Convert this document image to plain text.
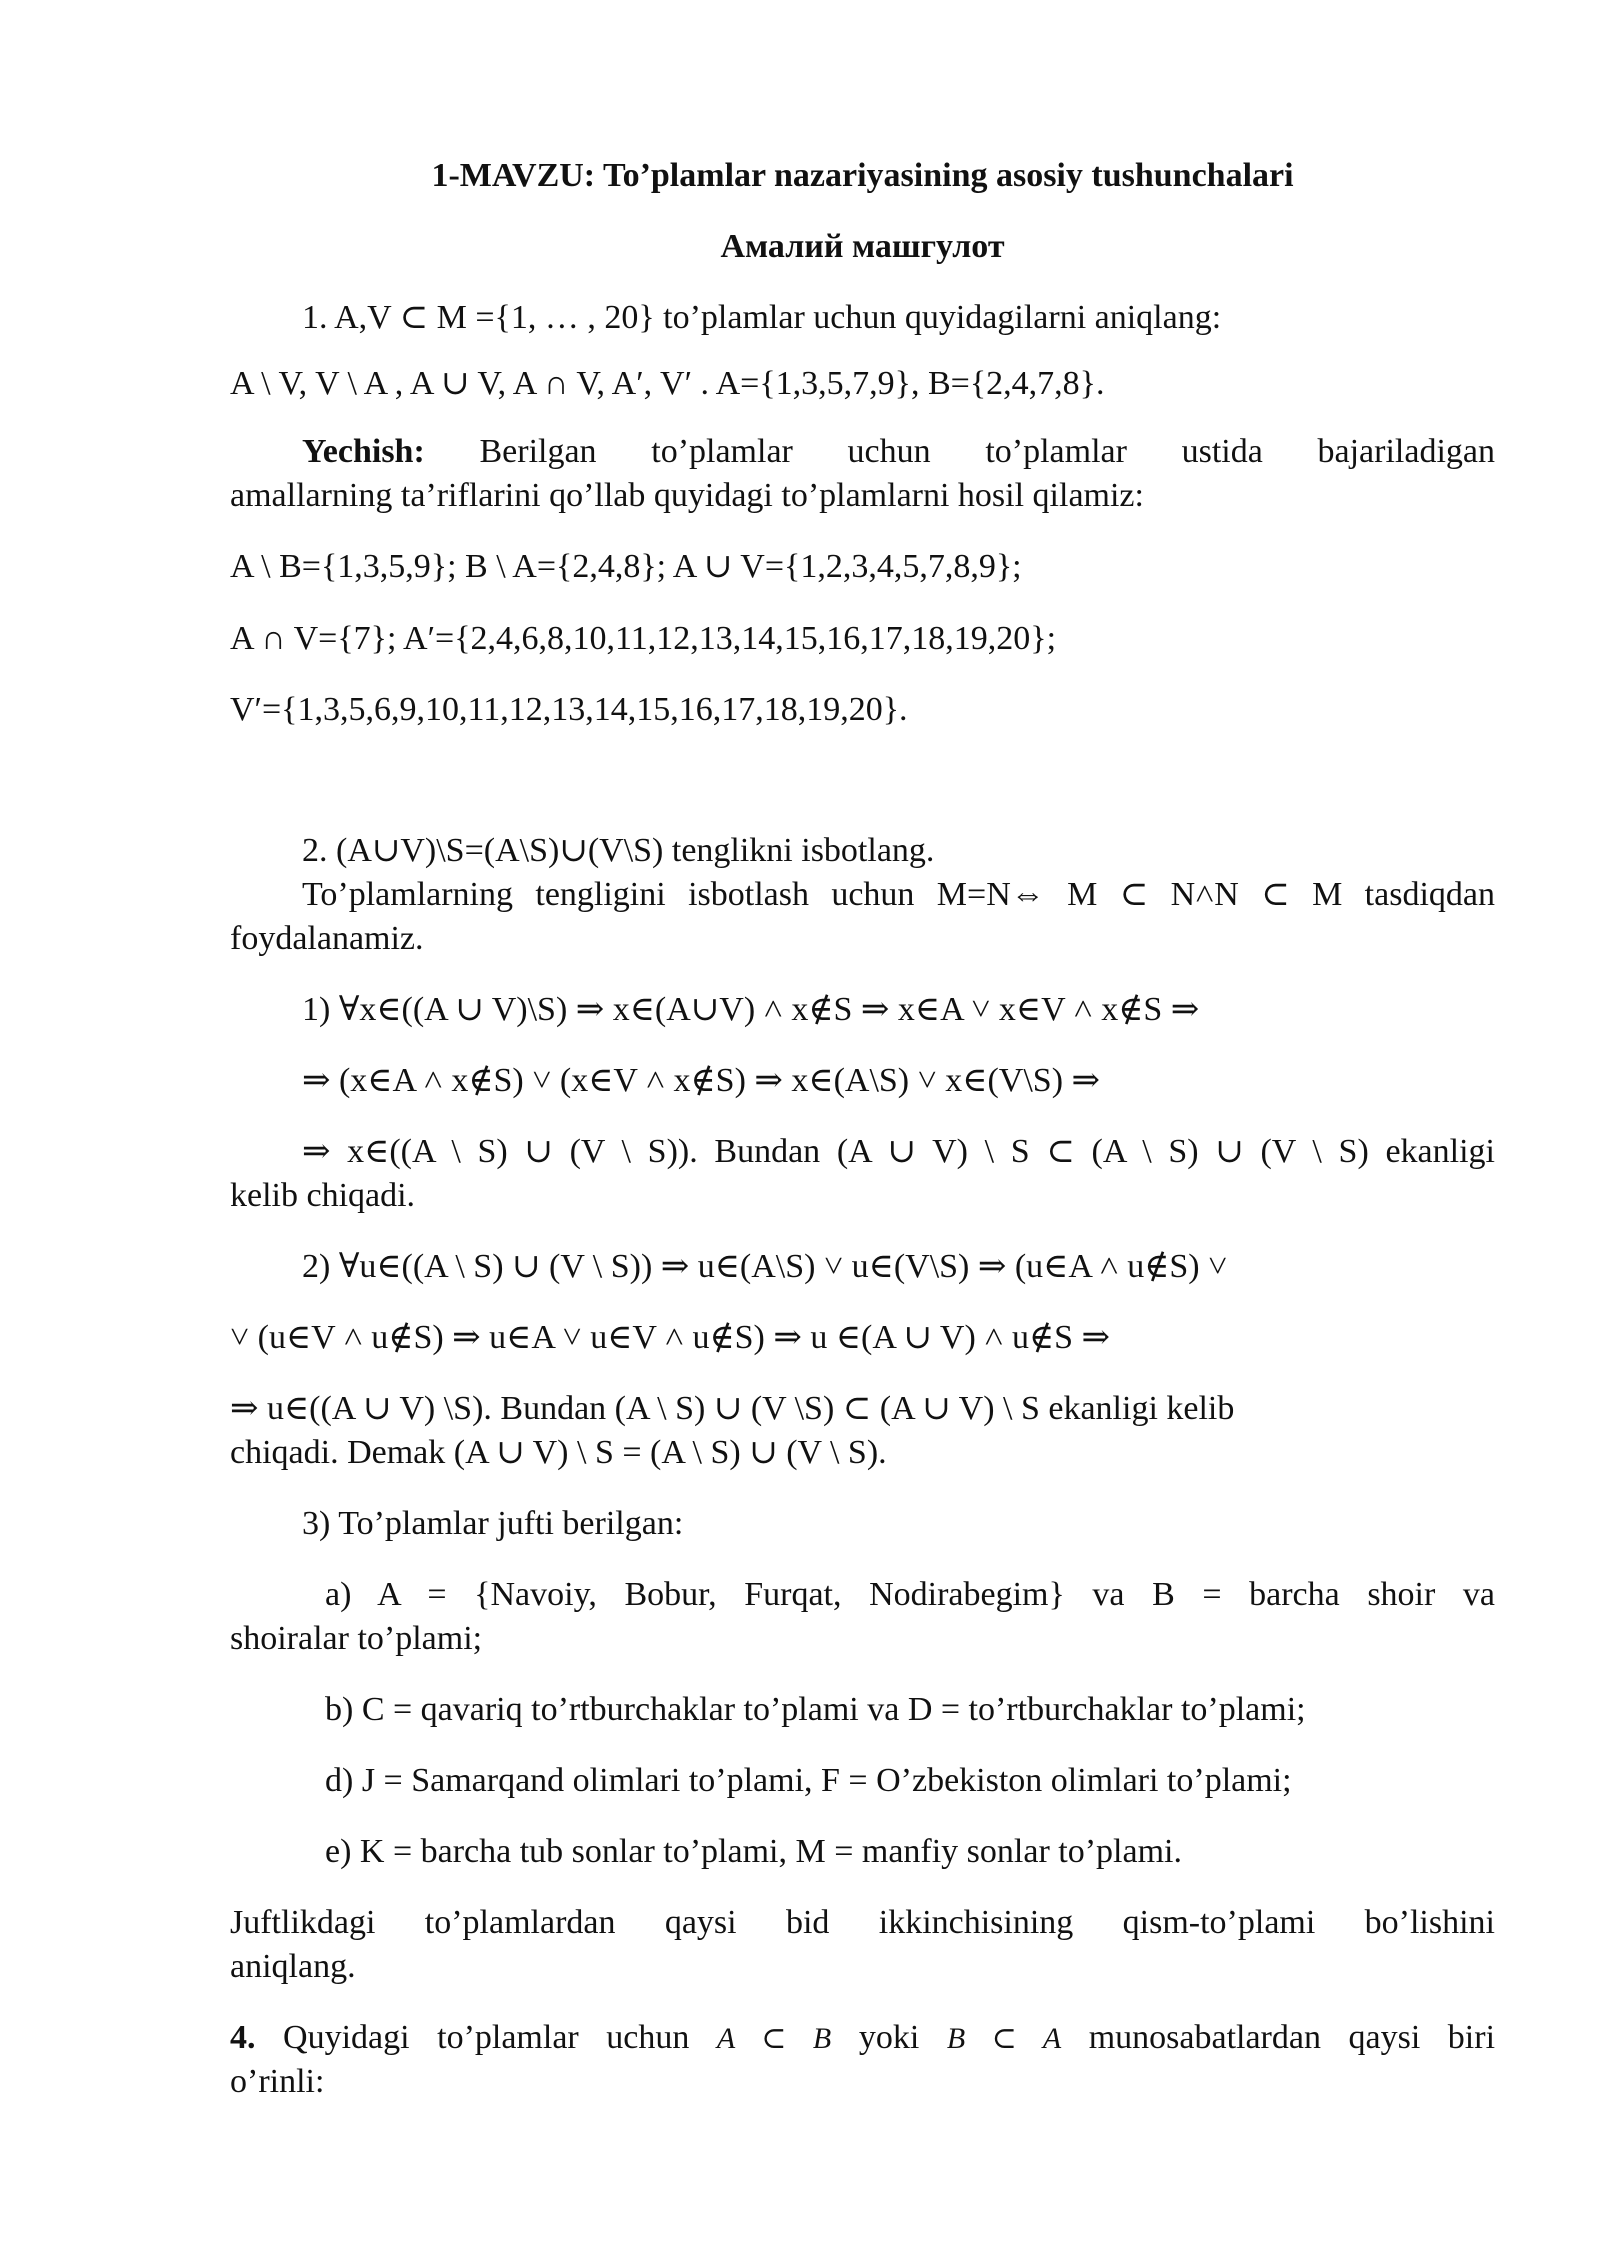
1-MAVZU: To’plamlar nazariyasining asosiy tushunchalari

Амалий машгулот

1. A,V ⊂ M ={1, … , 20} to’plamlar uchun quyidagilarni aniqlang:

A \ V, V \ A , A ∪ V, A ∩ V, A′, V′ . A={1,3,5,7,9}, B={2,4,7,8}.

Yechish: Berilgan to’plamlar uchun to’plamlar ustida bajariladigan

amallarning ta’riflarini qo’llab quyidagi to’plamlarni hosil qilamiz:

A \ B={1,3,5,9}; B \ A={2,4,8}; A ∪ V={1,2,3,4,5,7,8,9};

A ∩ V={7}; A′={2,4,6,8,10,11,12,13,14,15,16,17,18,19,20};

V′={1,3,5,6,9,10,11,12,13,14,15,16,17,18,19,20}.

2. (A∪V)\S=(A\S)∪(V\S) tenglikni isbotlang.

To’plamlarning tengligini isbotlash uchun M=N⇔ M ⊂ N˄N ⊂ M tasdiqdan

foydalanamiz.

1) ∀x∈((A ∪ V)\S) ⇒ x∈(A∪V) ˄ x∉S ⇒ x∈A ˅ x∈V ˄ x∉S ⇒

⇒ (x∈A ˄ x∉S) ˅ (x∈V ˄ x∉S) ⇒ x∈(A\S) ˅ x∈(V\S) ⇒

⇒ x∈((A \ S) ∪ (V \ S)). Bundan (A ∪ V) \ S ⊂ (A \ S) ∪ (V \ S) ekanligi

kelib chiqadi.

2) ∀u∈((A \ S) ∪ (V \ S)) ⇒ u∈(A\S) ˅ u∈(V\S) ⇒ (u∈A ˄ u∉S) ˅

˅ (u∈V ˄ u∉S) ⇒ u∈A ˅ u∈V ˄ u∉S) ⇒ u ∈(A ∪ V) ˄ u∉S ⇒

⇒ u∈((A ∪ V) \S). Bundan (A \ S) ∪ (V \S) ⊂ (A ∪ V) \ S ekanligi kelib

chiqadi. Demak (A ∪ V) \ S = (A \ S) ∪ (V \ S).

3) To’plamlar jufti berilgan:

a) A = {Navoiy, Bobur, Furqat, Nodirabegim} va B = barcha shoir va

shoiralar to’plami;

b) C = qavariq to’rtburchaklar to’plami va D = to’rtburchaklar to’plami;

d) J = Samarqand olimlari to’plami, F = O’zbekiston olimlari to’plami;

e) K = barcha tub sonlar to’plami, M = manfiy sonlar to’plami.

Juftlikdagi to’plamlardan qaysi bid ikkinchisining qism-to’plami bo’lishini

aniqlang.

4. Quyidagi to’plamlar uchun A ⊂ B yoki B ⊂ A munosabatlardan qaysi biri

o’rinli:
